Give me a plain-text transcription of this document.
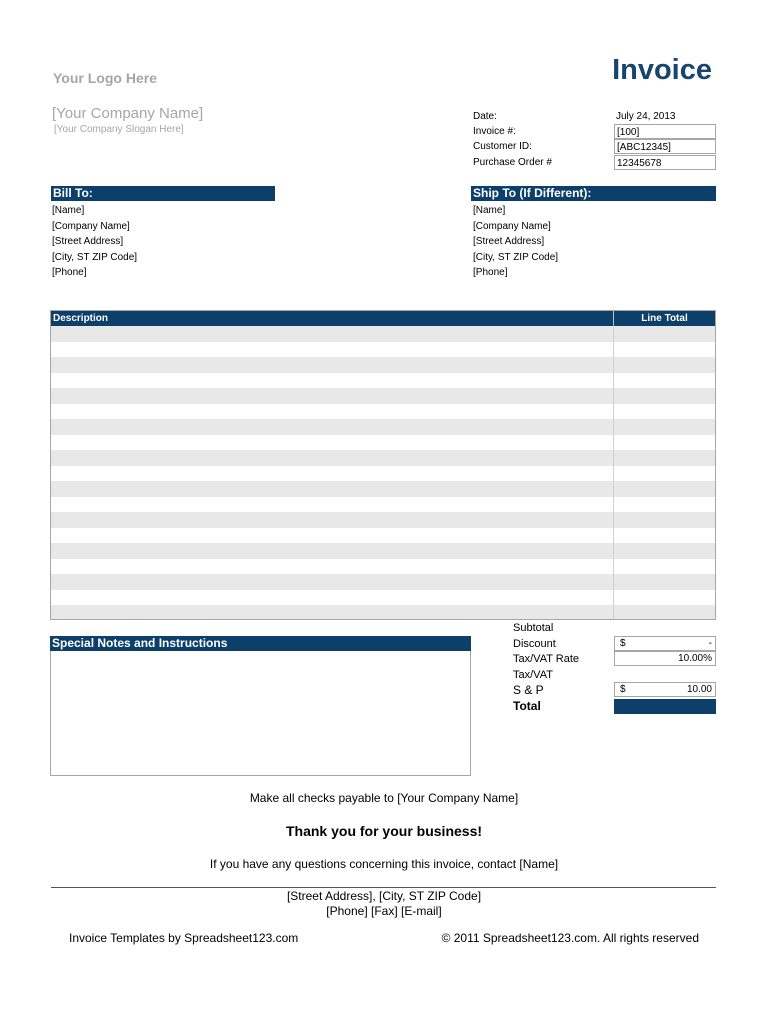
Your Logo Here	Invoice
[Your Company Name]
[Your Company Slogan Here]
Date:	July 24, 2013
Invoice #:	[100]
Customer ID:	[ABC12345]
Purchase Order #	12345678
Bill To:
[Name]
[Company Name]
[Street Address]
[City, ST ZIP Code]
[Phone]
Ship To (If Different):
[Name]
[Company Name]
[Street Address]
[City, ST ZIP Code]
[Phone]
Description	Line Total
Special Notes and Instructions
Subtotal
Discount	$	-
Tax/VAT Rate	10.00%
Tax/VAT
S & P	$	10.00
Total
Make all checks payable to [Your Company Name]
Thank you for your business!
If you have any questions concerning this invoice, contact [Name]
[Street Address], [City, ST ZIP Code]
[Phone] [Fax] [E-mail]
Invoice Templates by Spreadsheet123.com	© 2011 Spreadsheet123.com. All rights reserved
